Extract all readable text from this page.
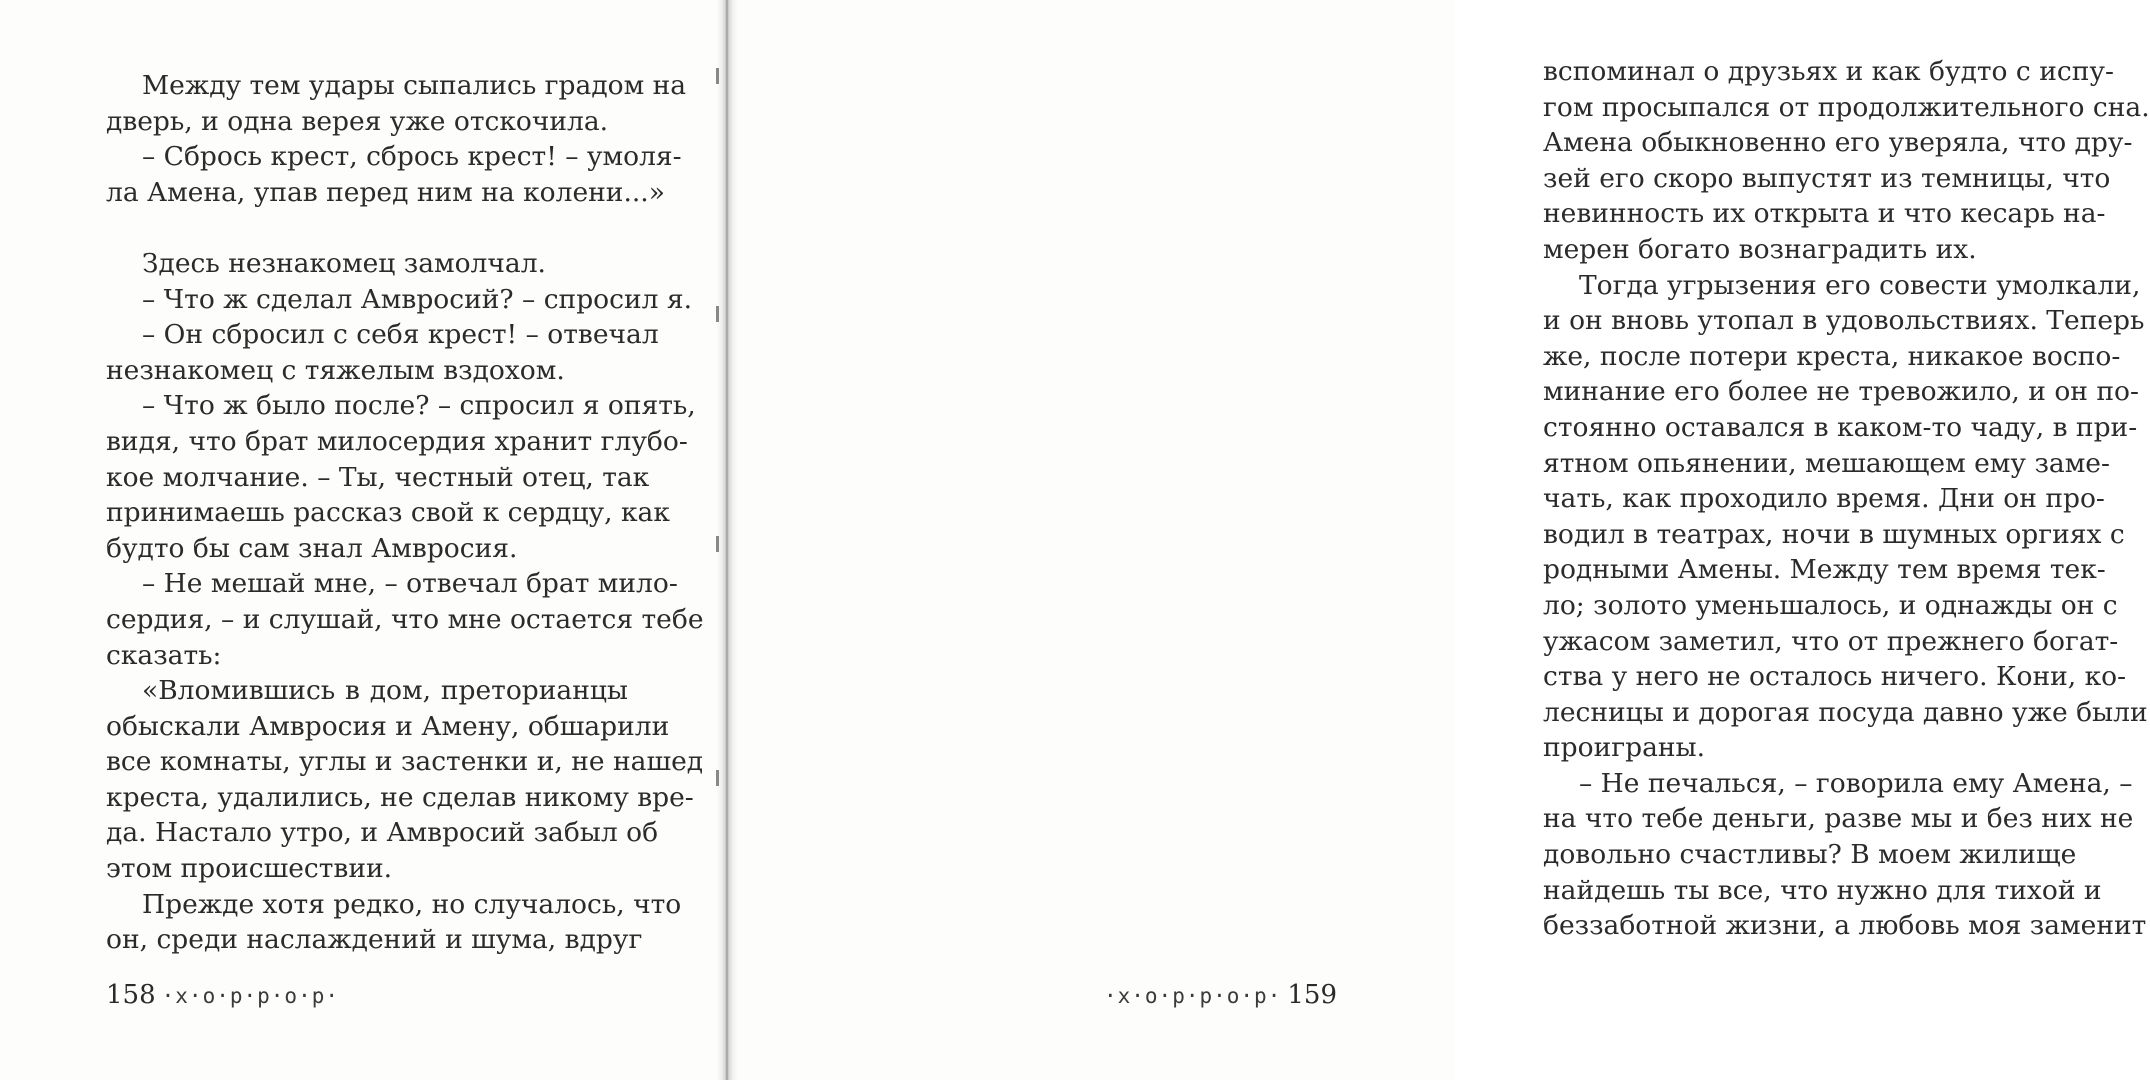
Между тем удары сыпались градом на
дверь, и одна верея уже отскочила.
– Сбрось крест, сбрось крест! – умоля-
ла Амена, упав перед ним на колени...»
Здесь незнакомец замолчал.
– Что ж сделал Амвросий? – спросил я.
– Он сбросил с себя крест! – отвечал
незнакомец с тяжелым вздохом.
– Что ж было после? – спросил я опять,
видя, что брат милосердия хранит глубо-
кое молчание. – Ты, честный отец, так
принимаешь рассказ свой к сердцу, как
будто бы сам знал Амвросия.
– Не мешай мне, – отвечал брат мило-
сердия, – и слушай, что мне остается тебе
сказать:
«Вломившись в дом, преторианцы
обыскали Амвросия и Амену, обшарили
все комнаты, углы и застенки и, не нашед
креста, удалились, не сделав никому вре-
да. Настало утро, и Амвросий забыл об
этом происшествии.
Прежде хотя редко, но случалось, что
он, среди наслаждений и шума, вдруг
158 ·х·о·р·р·о·р·
вспоминал о друзьях и как будто с испу-
гом просыпался от продолжительного сна.
Амена обыкновенно его уверяла, что дру-
зей его скоро выпустят из темницы, что
невинность их открыта и что кесарь на-
мерен богато вознаградить их.
Тогда угрызения его совести умолкали,
и он вновь утопал в удовольствиях. Теперь
же, после потери креста, никакое воспо-
минание его более не тревожило, и он по-
стоянно оставался в каком-то чаду, в при-
ятном опьянении, мешающем ему заме-
чать, как проходило время. Дни он про-
водил в театрах, ночи в шумных оргиях с
родными Амены. Между тем время тек-
ло; золото уменьшалось, и однажды он с
ужасом заметил, что от прежнего богат-
ства у него не осталось ничего. Кони, ко-
лесницы и дорогая посуда давно уже были
проиграны.
– Не печалься, – говорила ему Амена, –
на что тебе деньги, разве мы и без них не
довольно счастливы? В моем жилище
найдешь ты все, что нужно для тихой и
беззаботной жизни, а любовь моя заменит
·х·о·р·р·о·р· 159
